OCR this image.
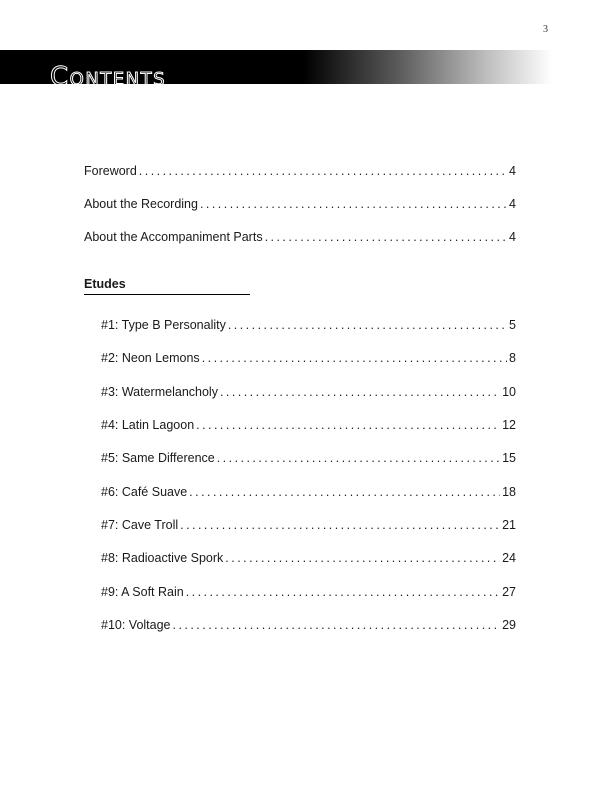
3
Contents
Foreword . . .	4
About the Recording . . .	4
About the Accompaniment Parts . . .	4
Etudes
#1: Type B Personality . . .	5
#2: Neon Lemons . . .	8
#3: Watermelancholy . . .	10
#4: Latin Lagoon . . .	12
#5: Same Difference . . .	15
#6: Café Suave . . .	18
#7: Cave Troll . . .	21
#8: Radioactive Spork . . .	24
#9: A Soft Rain . . .	27
#10: Voltage . . .	29
